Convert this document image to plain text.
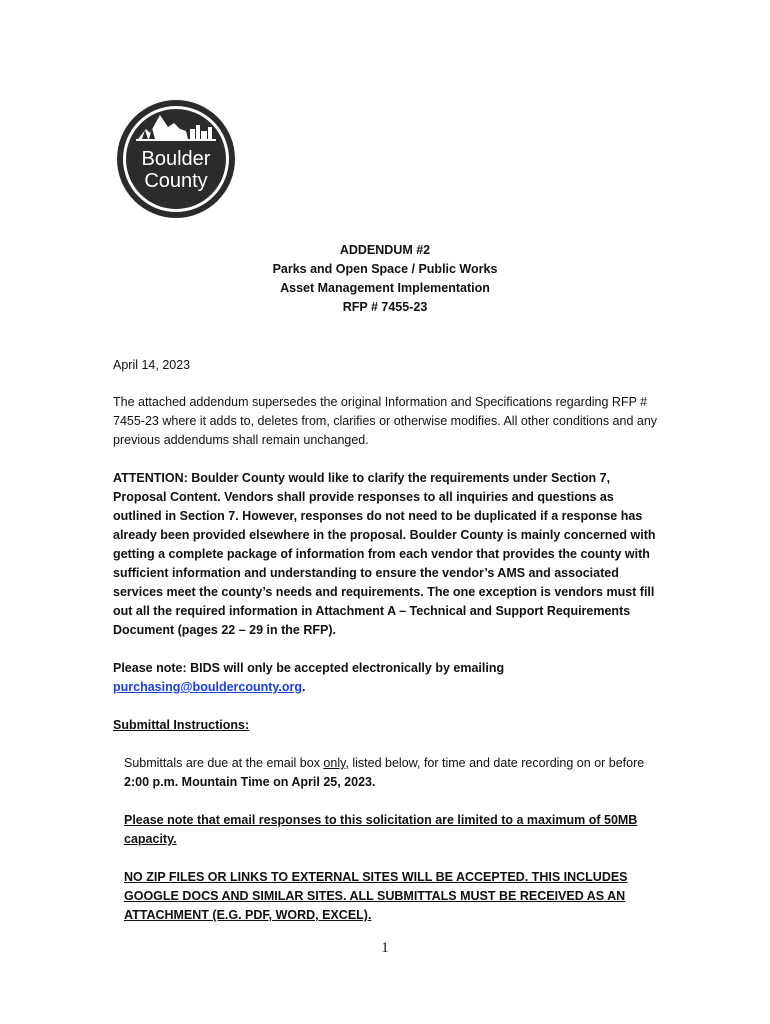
Boulder
County
ADDENDUM #2
Parks and Open Space / Public Works
Asset Management Implementation
RFP # 7455-23
April 14, 2023
The attached addendum supersedes the original Information and Specifications regarding RFP # 7455-23 where it adds to, deletes from, clarifies or otherwise modifies. All other conditions and any previous addendums shall remain unchanged.
ATTENTION: Boulder County would like to clarify the requirements under Section 7, Proposal Content. Vendors shall provide responses to all inquiries and questions as outlined in Section 7. However, responses do not need to be duplicated if a response has already been provided elsewhere in the proposal. Boulder County is mainly concerned with getting a complete package of information from each vendor that provides the county with sufficient information and understanding to ensure the vendor’s AMS and associated services meet the county’s needs and requirements. The one exception is vendors must fill out all the required information in Attachment A – Technical and Support Requirements Document (pages 22 – 29 in the RFP).
Please note: BIDS will only be accepted electronically by emailing purchasing@bouldercounty.org.
Submittal Instructions:
Submittals are due at the email box only, listed below, for time and date recording on or before 2:00 p.m. Mountain Time on April 25, 2023.
Please note that email responses to this solicitation are limited to a maximum of 50MB capacity.
NO ZIP FILES OR LINKS TO EXTERNAL SITES WILL BE ACCEPTED. THIS INCLUDES GOOGLE DOCS AND SIMILAR SITES. ALL SUBMITTALS MUST BE RECEIVED AS AN ATTACHMENT (E.G. PDF, WORD, EXCEL).
1
